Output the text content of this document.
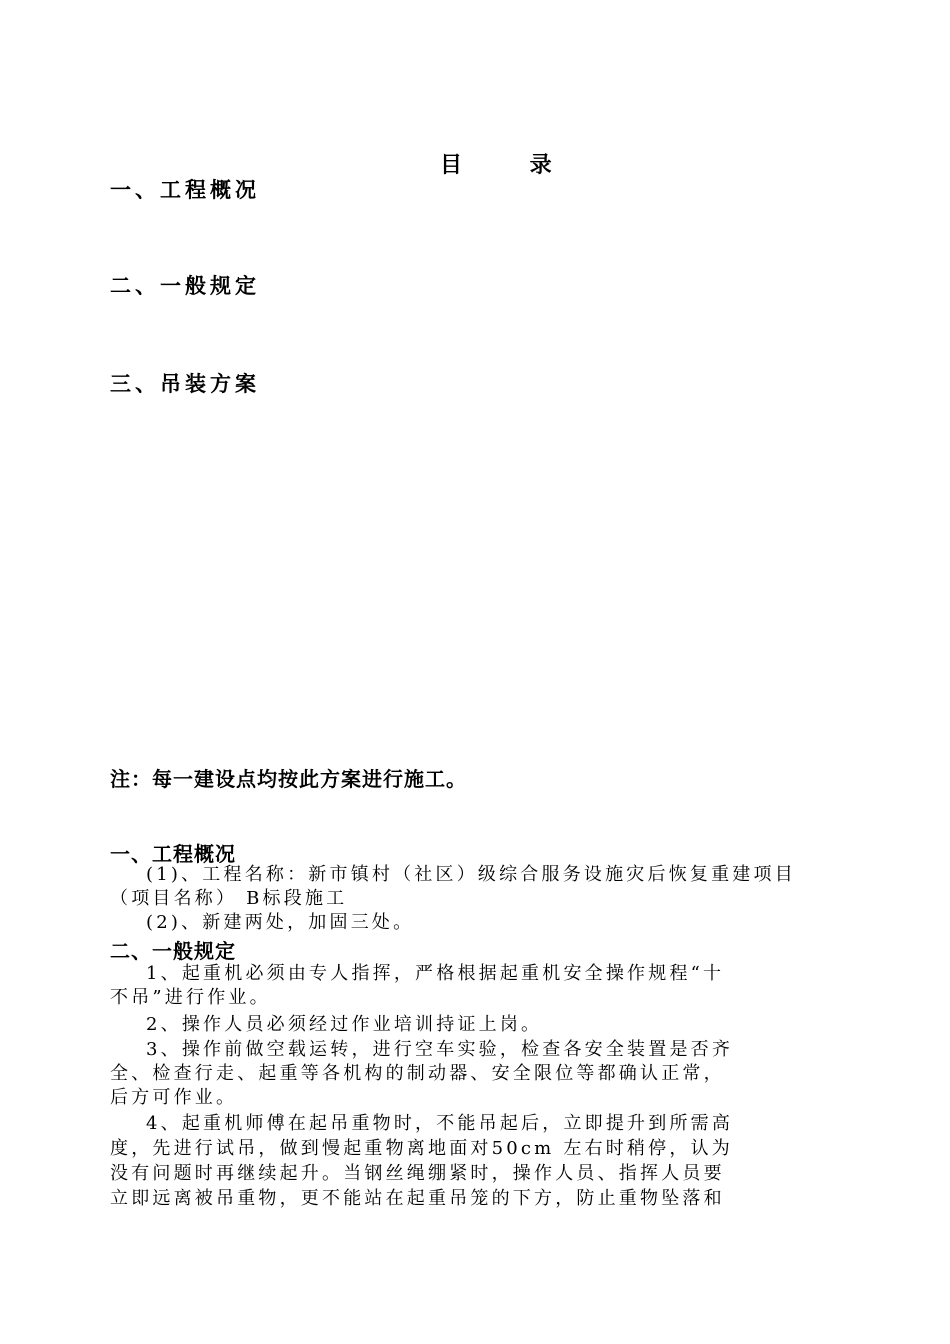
目 录
一、工程概况
二、一般规定
三、吊装方案
注：每一建设点均按此方案进行施工。
一、工程概况
(1)、工程名称：新市镇村（社区）级综合服务设施灾后恢复重建项目
（项目名称） B标段施工
(2)、新建两处，加固三处。
二、一般规定
1、起重机必须由专人指挥，严格根据起重机安全操作规程“十
不吊”进行作业。
2、操作人员必须经过作业培训持证上岗。
3、操作前做空载运转，进行空车实验，检查各安全装置是否齐
全、检查行走、起重等各机构的制动器、安全限位等都确认正常，
后方可作业。
4、起重机师傅在起吊重物时，不能吊起后，立即提升到所需高
度，先进行试吊，做到慢起重物离地面对50cm 左右时稍停，认为
没有问题时再继续起升。当钢丝绳绷紧时，操作人员、指挥人员要
立即远离被吊重物，更不能站在起重吊笼的下方，防止重物坠落和
